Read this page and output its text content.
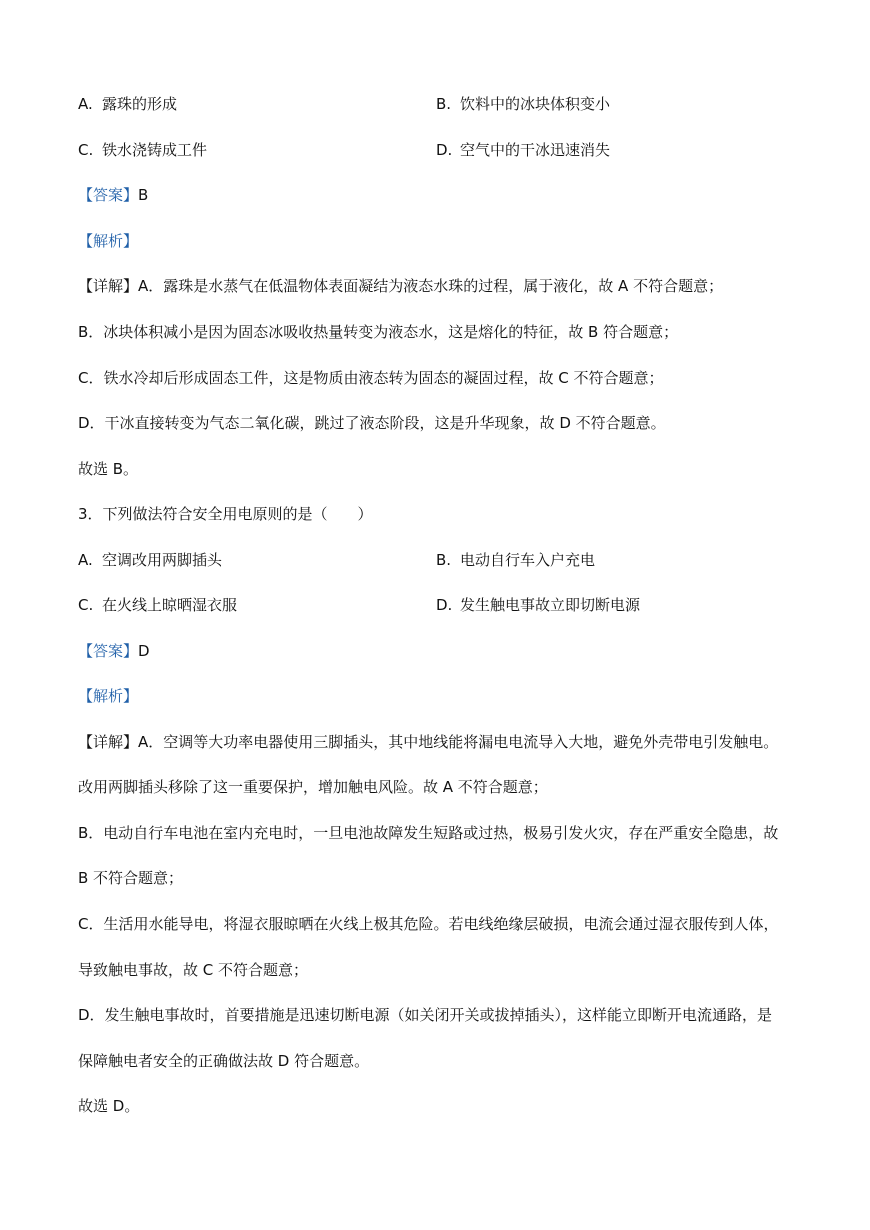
A. 露珠的形成	B. 饮料中的冰块体积变小
C. 铁水浇铸成工件	D. 空气中的干冰迅速消失
【答案】B
【解析】
【详解】A．露珠是水蒸气在低温物体表面凝结为液态水珠的过程，属于液化，故 A 不符合题意；
B．冰块体积减小是因为固态冰吸收热量转变为液态水，这是熔化的特征，故 B 符合题意；
C．铁水冷却后形成固态工件，这是物质由液态转为固态的凝固过程，故 C 不符合题意；
D．干冰直接转变为气态二氧化碳，跳过了液态阶段，这是升华现象，故 D 不符合题意。
故选 B。
3．下列做法符合安全用电原则的是（　　）
A. 空调改用两脚插头	B. 电动自行车入户充电
C. 在火线上晾晒湿衣服	D. 发生触电事故立即切断电源
【答案】D
【解析】
【详解】A．空调等大功率电器使用三脚插头，其中地线能将漏电电流导入大地，避免外壳带电引发触电。
改用两脚插头移除了这一重要保护，增加触电风险。故 A 不符合题意；
B．电动自行车电池在室内充电时，一旦电池故障发生短路或过热，极易引发火灾，存在严重安全隐患，故
B 不符合题意；
C．生活用水能导电，将湿衣服晾晒在火线上极其危险。若电线绝缘层破损，电流会通过湿衣服传到人体，
导致触电事故，故 C 不符合题意；
D．发生触电事故时，首要措施是迅速切断电源（如关闭开关或拔掉插头），这样能立即断开电流通路，是
保障触电者安全的正确做法故 D 符合题意。
故选 D。
